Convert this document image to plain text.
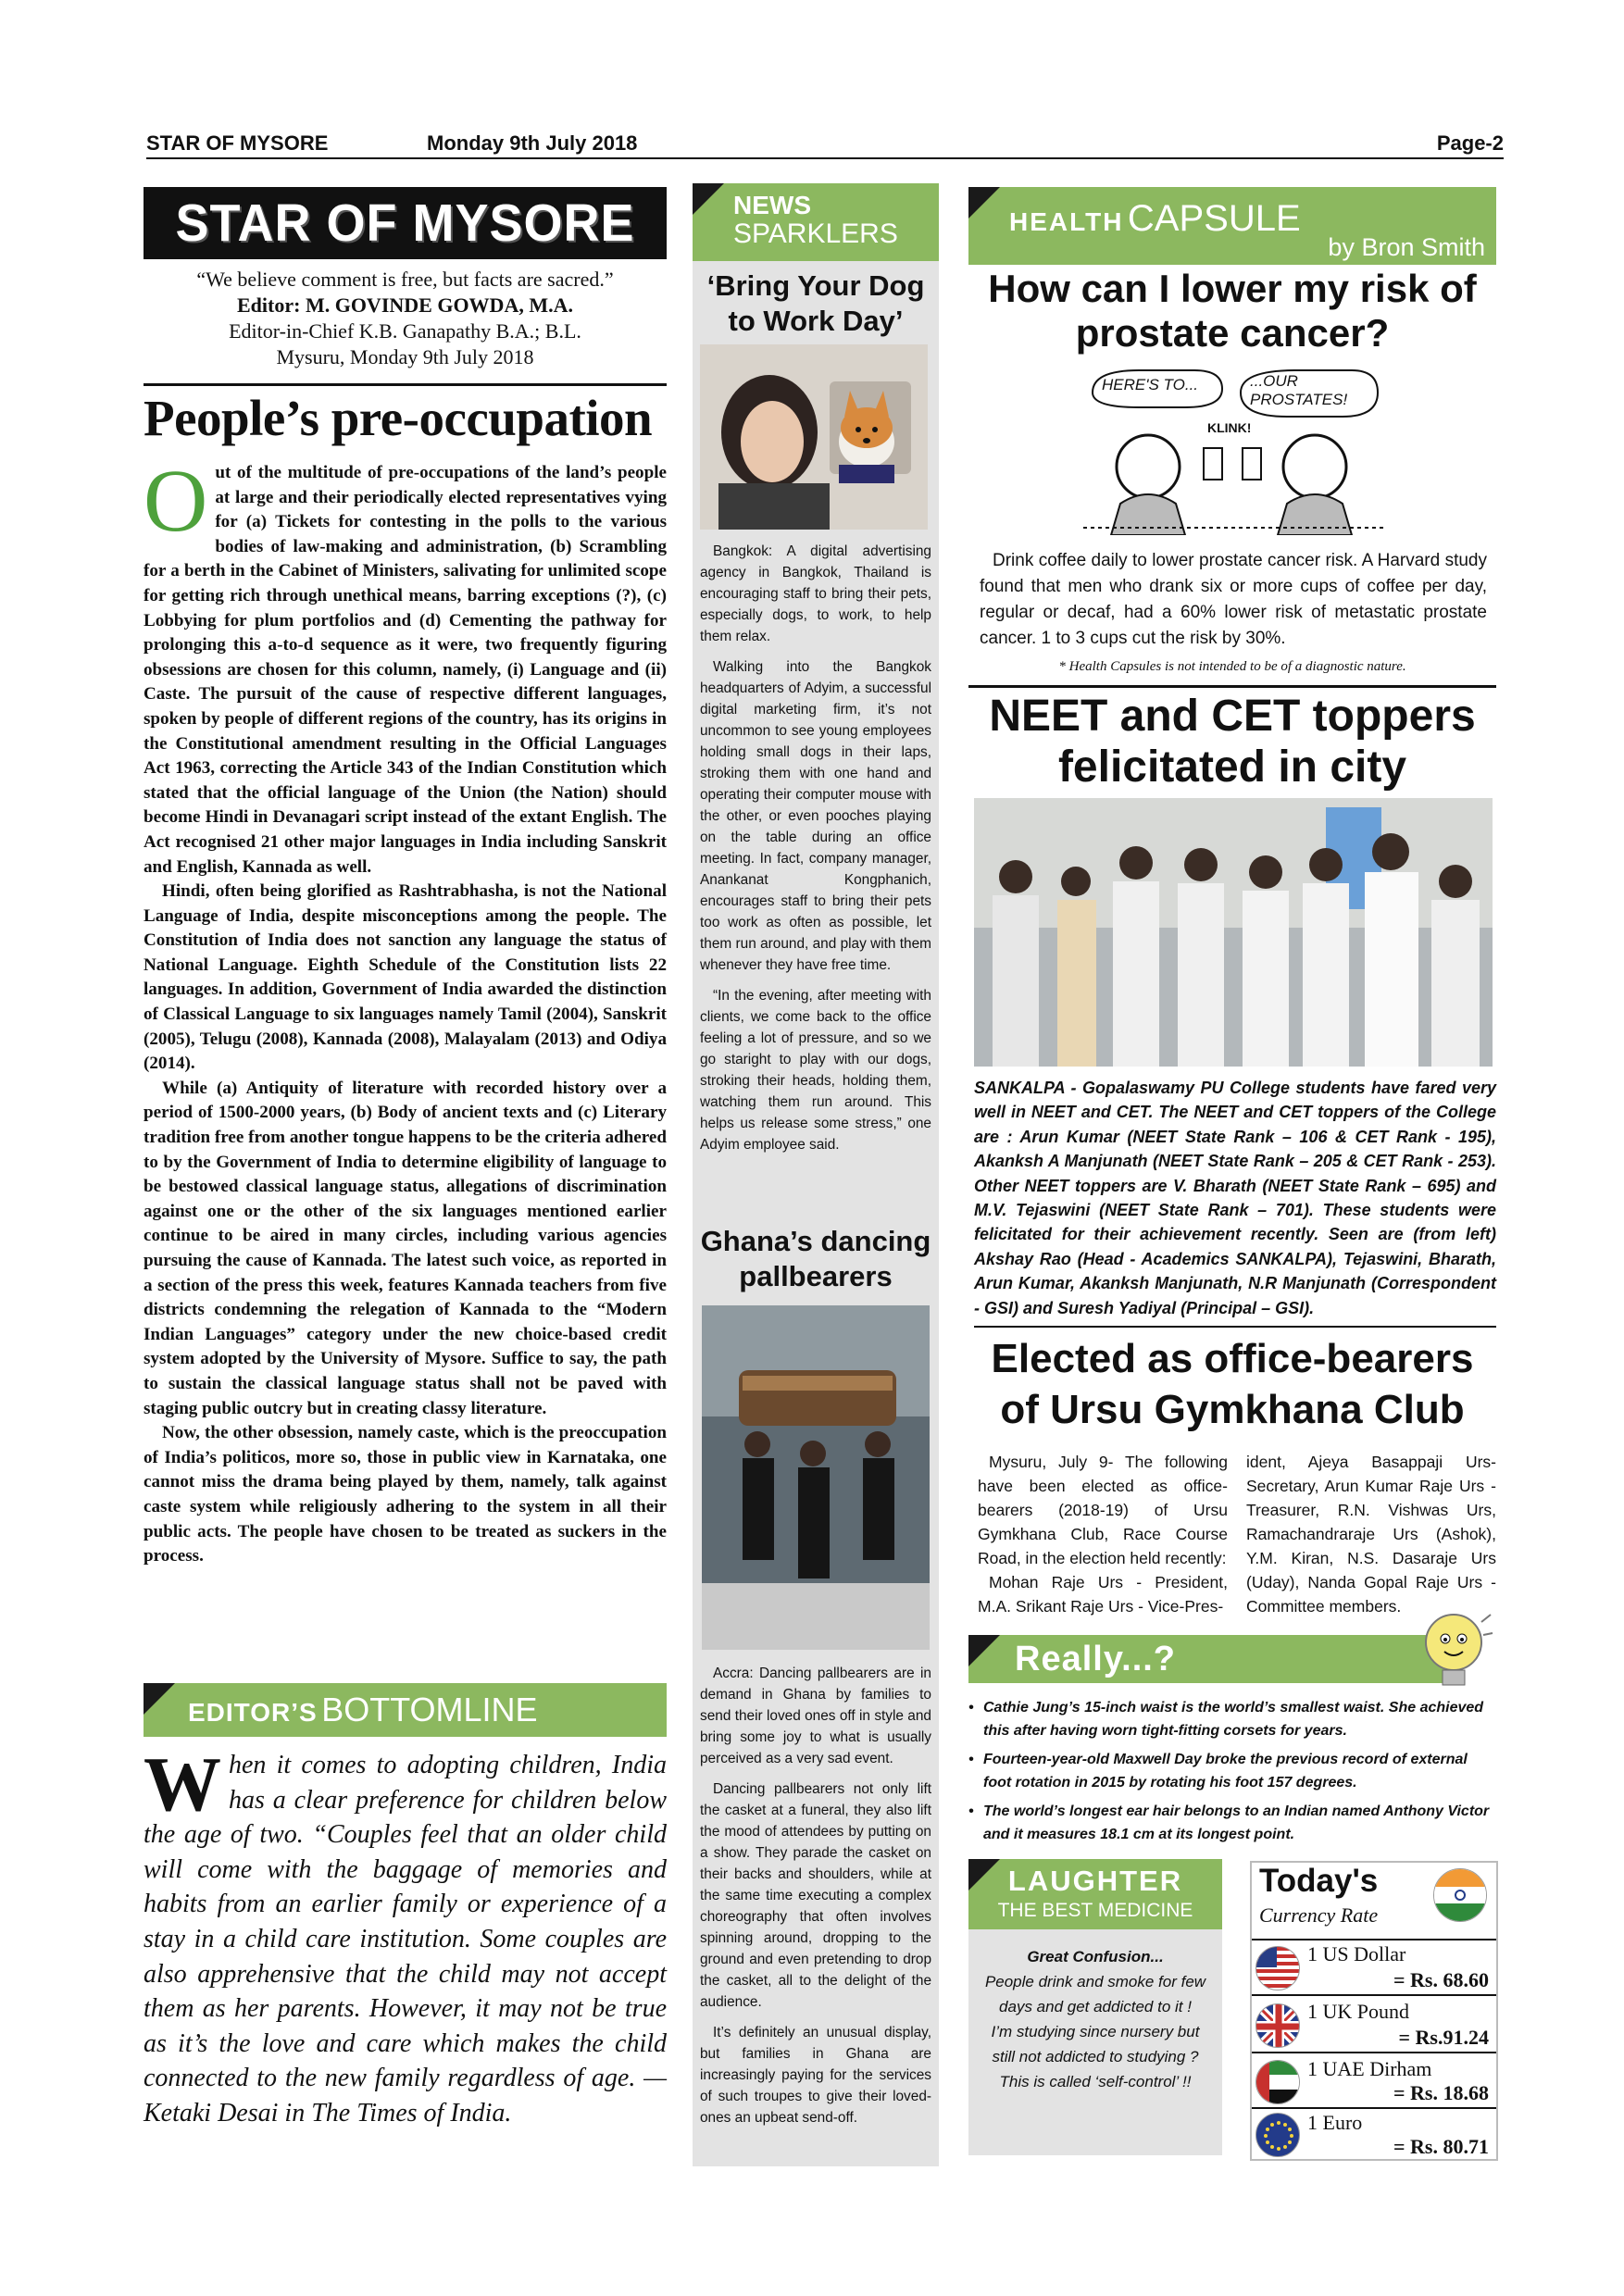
STAR OF MYSORE	Monday 9th July 2018	Page-2
STAR OF MYSORE
“We believe comment is free, but facts are sacred.”
Editor: M. GOVINDE GOWDA, M.A.
Editor-in-Chief K.B. Ganapathy B.A.; B.L.
Mysuru, Monday 9th July 2018
People’s pre-occupation

Out of the multitude of pre-occupations of the land’s people at large and their periodically elected representatives vying for (a) Tickets for contesting in the polls to the various bodies of law-making and administration, (b) Scrambling for a berth in the Cabinet of Ministers, salivating for unlimited scope for getting rich through unethical means, barring exceptions (?), (c) Lobbying for plum portfolios and (d) Cementing the pathway for prolonging this a-to-d sequence as it were, two frequently figuring obsessions are chosen for this column, namely, (i) Language and (ii) Caste. The pursuit of the cause of respective different languages, spoken by people of different regions of the country, has its origins in the Constitutional amendment resulting in the Official Languages Act 1963, correcting the Article 343 of the Indian Constitution which stated that the official language of the Union (the Nation) should become Hindi in Devanagari script instead of the extant English. The Act recognised 21 other major languages in India including Sanskrit and English, Kannada as well.

Hindi, often being glorified as Rashtrabhasha, is not the National Language of India, despite misconceptions among the people. The Constitution of India does not sanction any language the status of National Language. Eighth Schedule of the Constitution lists 22 languages. In addition, Government of India awarded the distinction of Classical Language to six languages namely Tamil (2004), Sanskrit (2005), Telugu (2008), Kannada (2008), Malayalam (2013) and Odiya (2014).

While (a) Antiquity of literature with recorded history over a period of 1500-2000 years, (b) Body of ancient texts and (c) Literary tradition free from another tongue happens to be the criteria adhered to by the Government of India to determine eligibility of language to be bestowed classical language status, allegations of discrimination against one or the other of the six languages mentioned earlier continue to be aired in many circles, including various agencies pursuing the cause of Kannada. The latest such voice, as reported in a section of the press this week, features Kannada teachers from five districts condemning the relegation of Kannada to the “Modern Indian Languages” category under the new choice-based credit system adopted by the University of Mysore. Suffice to say, the path to sustain the classical language status shall not be paved with staging public outcry but in creating classy literature.

Now, the other obsession, namely caste, which is the preoccupation of India’s politicos, more so, those in public view in Karnataka, one cannot miss the drama being played by them, namely, talk against caste system while religiously adhering to the system in all their public acts. The people have chosen to be treated as suckers in the process.

EDITOR’S BOTTOMLINE
When it comes to adopting children, India has a clear preference for children below the age of two. “Couples feel that an older child will come with the baggage of memories and habits from an earlier family or experience of a stay in a child care institution. Some couples are also apprehensive that the child may not accept them as her parents. However, it may not be true as it’s the love and care which makes the child connected to the new family regardless of age. — Ketaki Desai in The Times of India.
NEWS
SPARKLERS
‘Bring Your Dog to Work Day’

Bangkok: A digital advertising agency in Bangkok, Thailand is encouraging staff to bring their pets, especially dogs, to work, to help them relax.

Walking into the Bangkok headquarters of Adyim, a successful digital marketing firm, it’s not uncommon to see young employees holding small dogs in their laps, stroking them with one hand and operating their computer mouse with the other, or even pooches playing on the table during an office meeting. In fact, company manager, Anankanat Kongphanich, encourages staff to bring their pets too work as often as possible, let them run around, and play with them whenever they have free time.

“In the evening, after meeting with clients, we come back to the office feeling a lot of pressure, and so we go staright to play with our dogs, stroking their heads, holding them, watching them run around. This helps us release some stress,” one Adyim employee said.

Ghana’s dancing pallbearers

Accra: Dancing pallbearers are in demand in Ghana by families to send their loved ones off in style and bring some joy to what is usually perceived as a very sad event.

Dancing pallbearers not only lift the casket at a funeral, they also lift the mood of attendees by putting on a show. They parade the casket on their backs and shoulders, while at the same time executing a complex choreography that often involves spinning around, dropping to the ground and even pretending to drop the casket, all to the delight of the audience.

It’s definitely an unusual display, but families in Ghana are increasingly paying for the services of such troupes to give their loved-ones an upbeat send-off.

HEALTH CAPSULE
by Bron Smith
How can I lower my risk of prostate cancer?
HERE'S TO...	...OUR PROSTATES!
KLINK!
Drink coffee daily to lower prostate cancer risk. A Harvard study found that men who drank six or more cups of coffee per day, regular or decaf, had a 60% lower risk of metastatic prostate cancer. 1 to 3 cups cut the risk by 30%.
* Health Capsules is not intended to be of a diagnostic nature.
NEET and CET toppers felicitated in city
SANKALPA - Gopalaswamy PU College students have fared very well in NEET and CET. The NEET and CET toppers of the College are : Arun Kumar (NEET State Rank – 106 & CET Rank - 195), Akanksh A Manjunath (NEET State Rank – 205 & CET Rank - 253). Other NEET toppers are V. Bharath (NEET State Rank – 695) and M.V. Tejaswini (NEET State Rank – 701). These students were felicitated for their achievement recently. Seen are (from left) Akshay Rao (Head - Academics SANKALPA), Tejaswini, Bharath, Arun Kumar, Akanksh Manjunath, N.R Manjunath (Correspondent - GSI) and Suresh Yadiyal (Principal – GSI).
Elected as office-bearers of Ursu Gymkhana Club

Mysuru, July 9- The following have been elected as office-bearers (2018-19) of Ursu Gymkhana Club, Race Course Road, in the election held recently:

Mohan Raje Urs - President, M.A. Srikant Raje Urs - Vice-Pres-

ident, Ajeya Basappaji Urs- Secretary, Arun Kumar Raje Urs - Treasurer, R.N. Vishwas Urs, Ramachandraraje Urs (Ashok), Y.M. Kiran, N.S. Dasaraje Urs (Uday), Nanda Gopal Raje Urs - Committee members.
Really...?
• Cathie Jung’s 15-inch waist is the world’s smallest waist. She achieved this after having worn tight-fitting corsets for years.
• Fourteen-year-old Maxwell Day broke the previous record of external foot rotation in 2015 by rotating his foot 157 degrees.
• The world’s longest ear hair belongs to an Indian named Anthony Victor and it measures 18.1 cm at its longest point.
LAUGHTER
THE BEST MEDICINE
Great Confusion...
People drink and smoke for few days and get addicted to it !
I’m studying since nursery but still not addicted to studying ?
This is called ‘self-control’ !!
Today's
Currency Rate
1 US Dollar
= Rs. 68.60
1 UK Pound
= Rs.91.24
1 UAE Dirham
= Rs. 18.68
1 Euro
= Rs. 80.71
